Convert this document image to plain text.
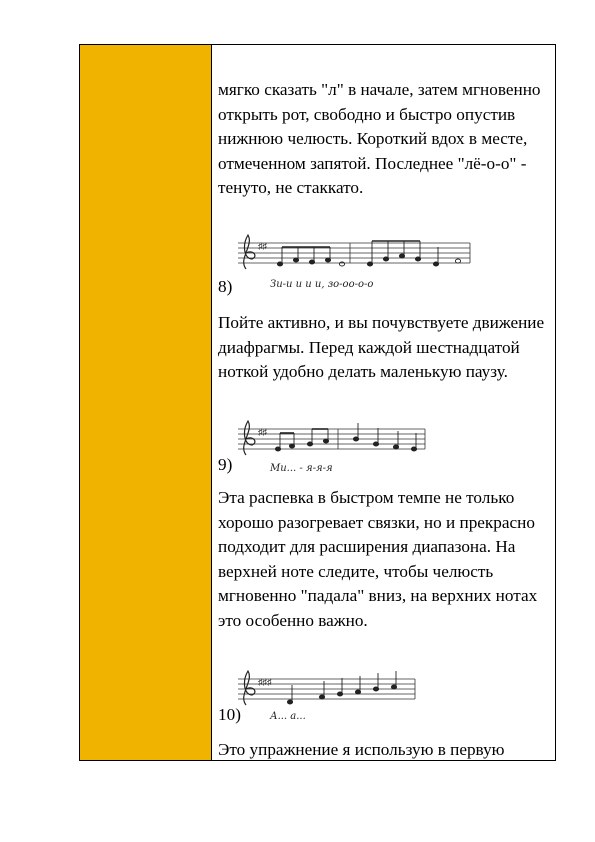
мягко сказать "л" в начале, затем мгновенно открыть рот, свободно и быстро опустив нижнюю челюсть. Короткий вдох в месте, отмеченном запятой. Последнее "лё-о-о" - тенуто, не стаккато.

♯♯
Зи-и и и и, зо-оо-о-о
8)

Пойте активно, и вы почувствуете движение диафрагмы. Перед каждой шестнадцатой ноткой удобно делать маленькую паузу.

♯♯
Ми... - я-я-я
9)

Эта распевка в быстром темпе не только хорошо разогревает связки, но и прекрасно подходит для расширения диапазона. На верхней ноте следите, чтобы челюсть мгновенно "падала" вниз, на верхних нотах это особенно важно.

♯♯♯
А... а...
10)

Это упражнение я использую в первую
